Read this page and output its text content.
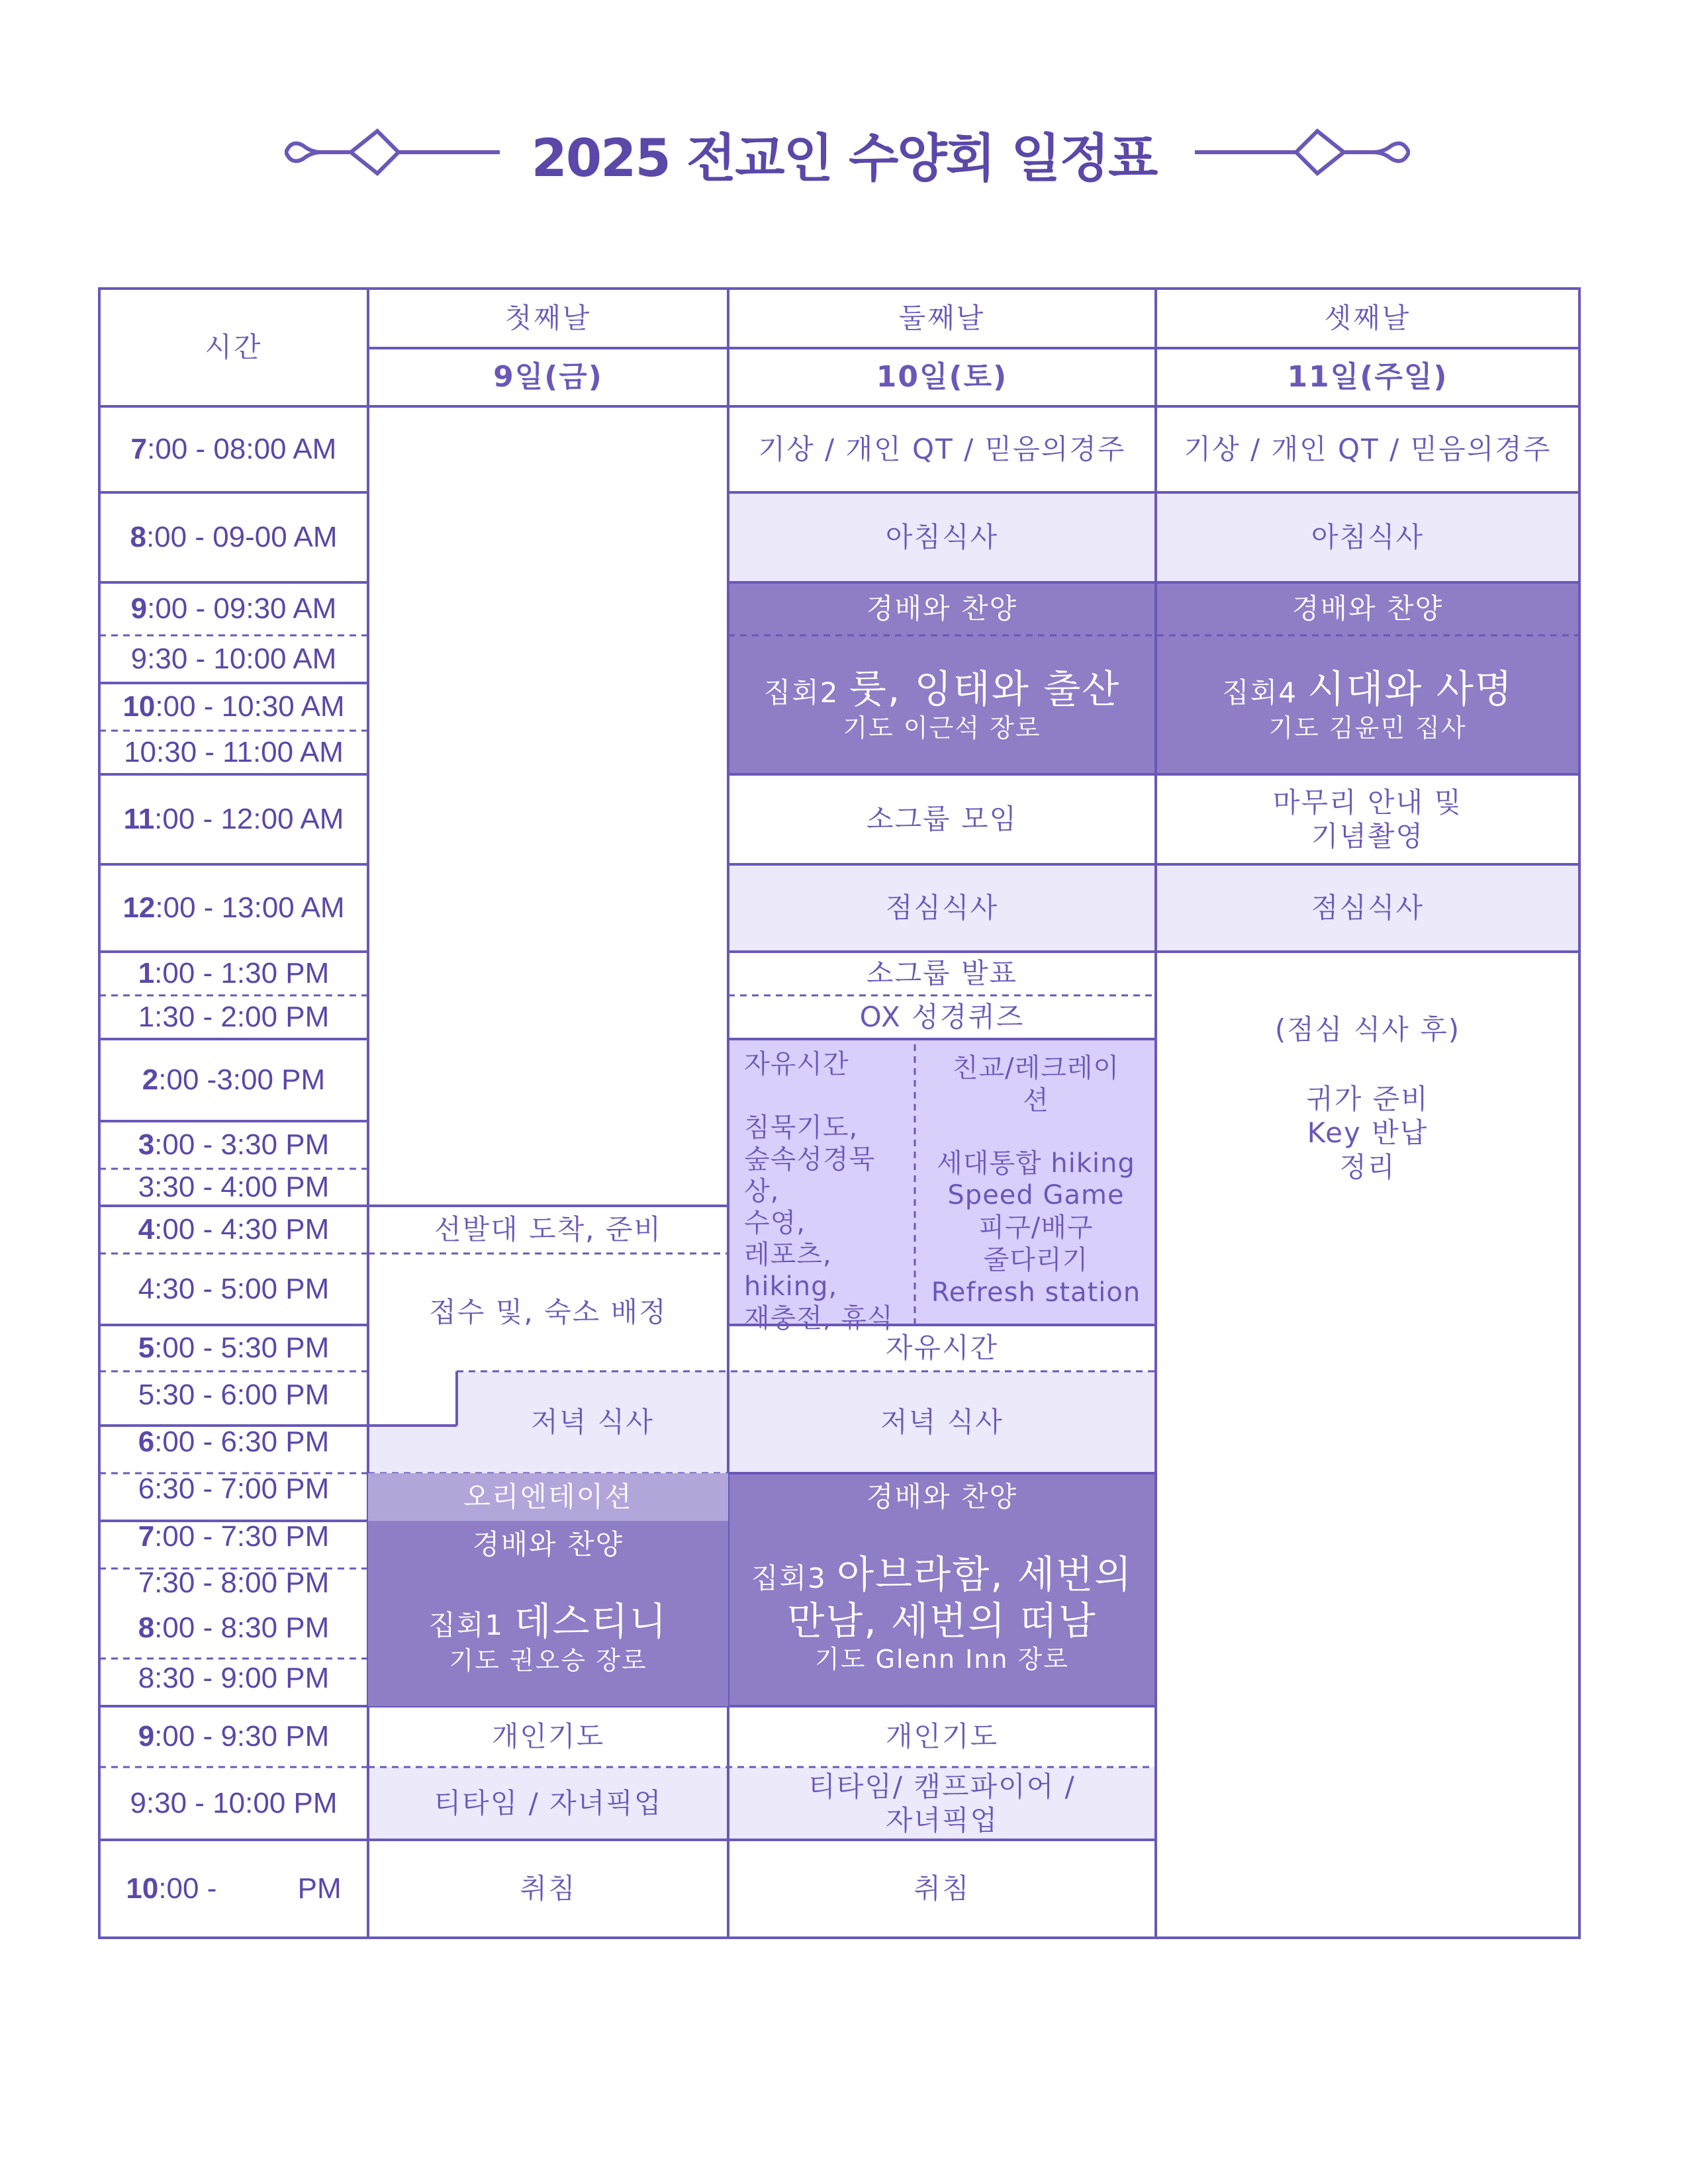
2025 전교인 수양회 일정표
시간
첫째날
9일(금)
둘째날
10일(토)
셋째날
11일(주일)
7:00 - 08:00 AM
8:00 - 09-00 AM
9:00 - 09:30 AM
9:30 - 10:00 AM
10:00 - 10:30 AM
10:30 - 11:00 AM
11:00 - 12:00 AM
12:00 - 13:00 AM
1:00 - 1:30 PM
1:30 - 2:00 PM
2:00 -3:00 PM
3:00 - 3:30 PM
3:30 - 4:00 PM
4:00 - 4:30 PM
4:30 - 5:00 PM
5:00 - 5:30 PM
5:30 - 6:00 PM
6:00 - 6:30 PM
6:30 - 7:00 PM
7:00 - 7:30 PM
7:30 - 8:00 PM
8:00 - 8:30 PM
8:30 - 9:00 PM
9:00 - 9:30 PM
9:30 - 10:00 PM
10:00 -          PM
선발대 도착, 준비
접수 및, 숙소 배정
저녁 식사
오리엔테이션
경배와 찬양
집회1 데스티니
기도 권오승 장로
개인기도
티타임 / 자녀픽업
취침
기상 / 개인 QT / 믿음의경주
아침식사
경배와 찬양
집회2 룻, 잉태와 출산
기도 이근석 장로
소그룹 모임
점심식사
소그룹 발표
OX 성경퀴즈
자유시간
침묵기도,
숲속성경묵
상,
수영,
레포츠,
hiking,
재충전, 휴식
친교/레크레이
션
세대통합 hiking
Speed Game
피구/배구
줄다리기
Refresh station
자유시간
저녁 식사
경배와 찬양
집회3 아브라함, 세번의
만남, 세번의 떠남
기도 Glenn Inn 장로
개인기도
티타임/ 캠프파이어 /
자녀픽업
취침
기상 / 개인 QT / 믿음의경주
아침식사
경배와 찬양
집회4 시대와 사명
기도 김윤민 집사
마무리 안내 및
기념촬영
점심식사
(점심 식사 후)
귀가 준비
Key 반납
정리
